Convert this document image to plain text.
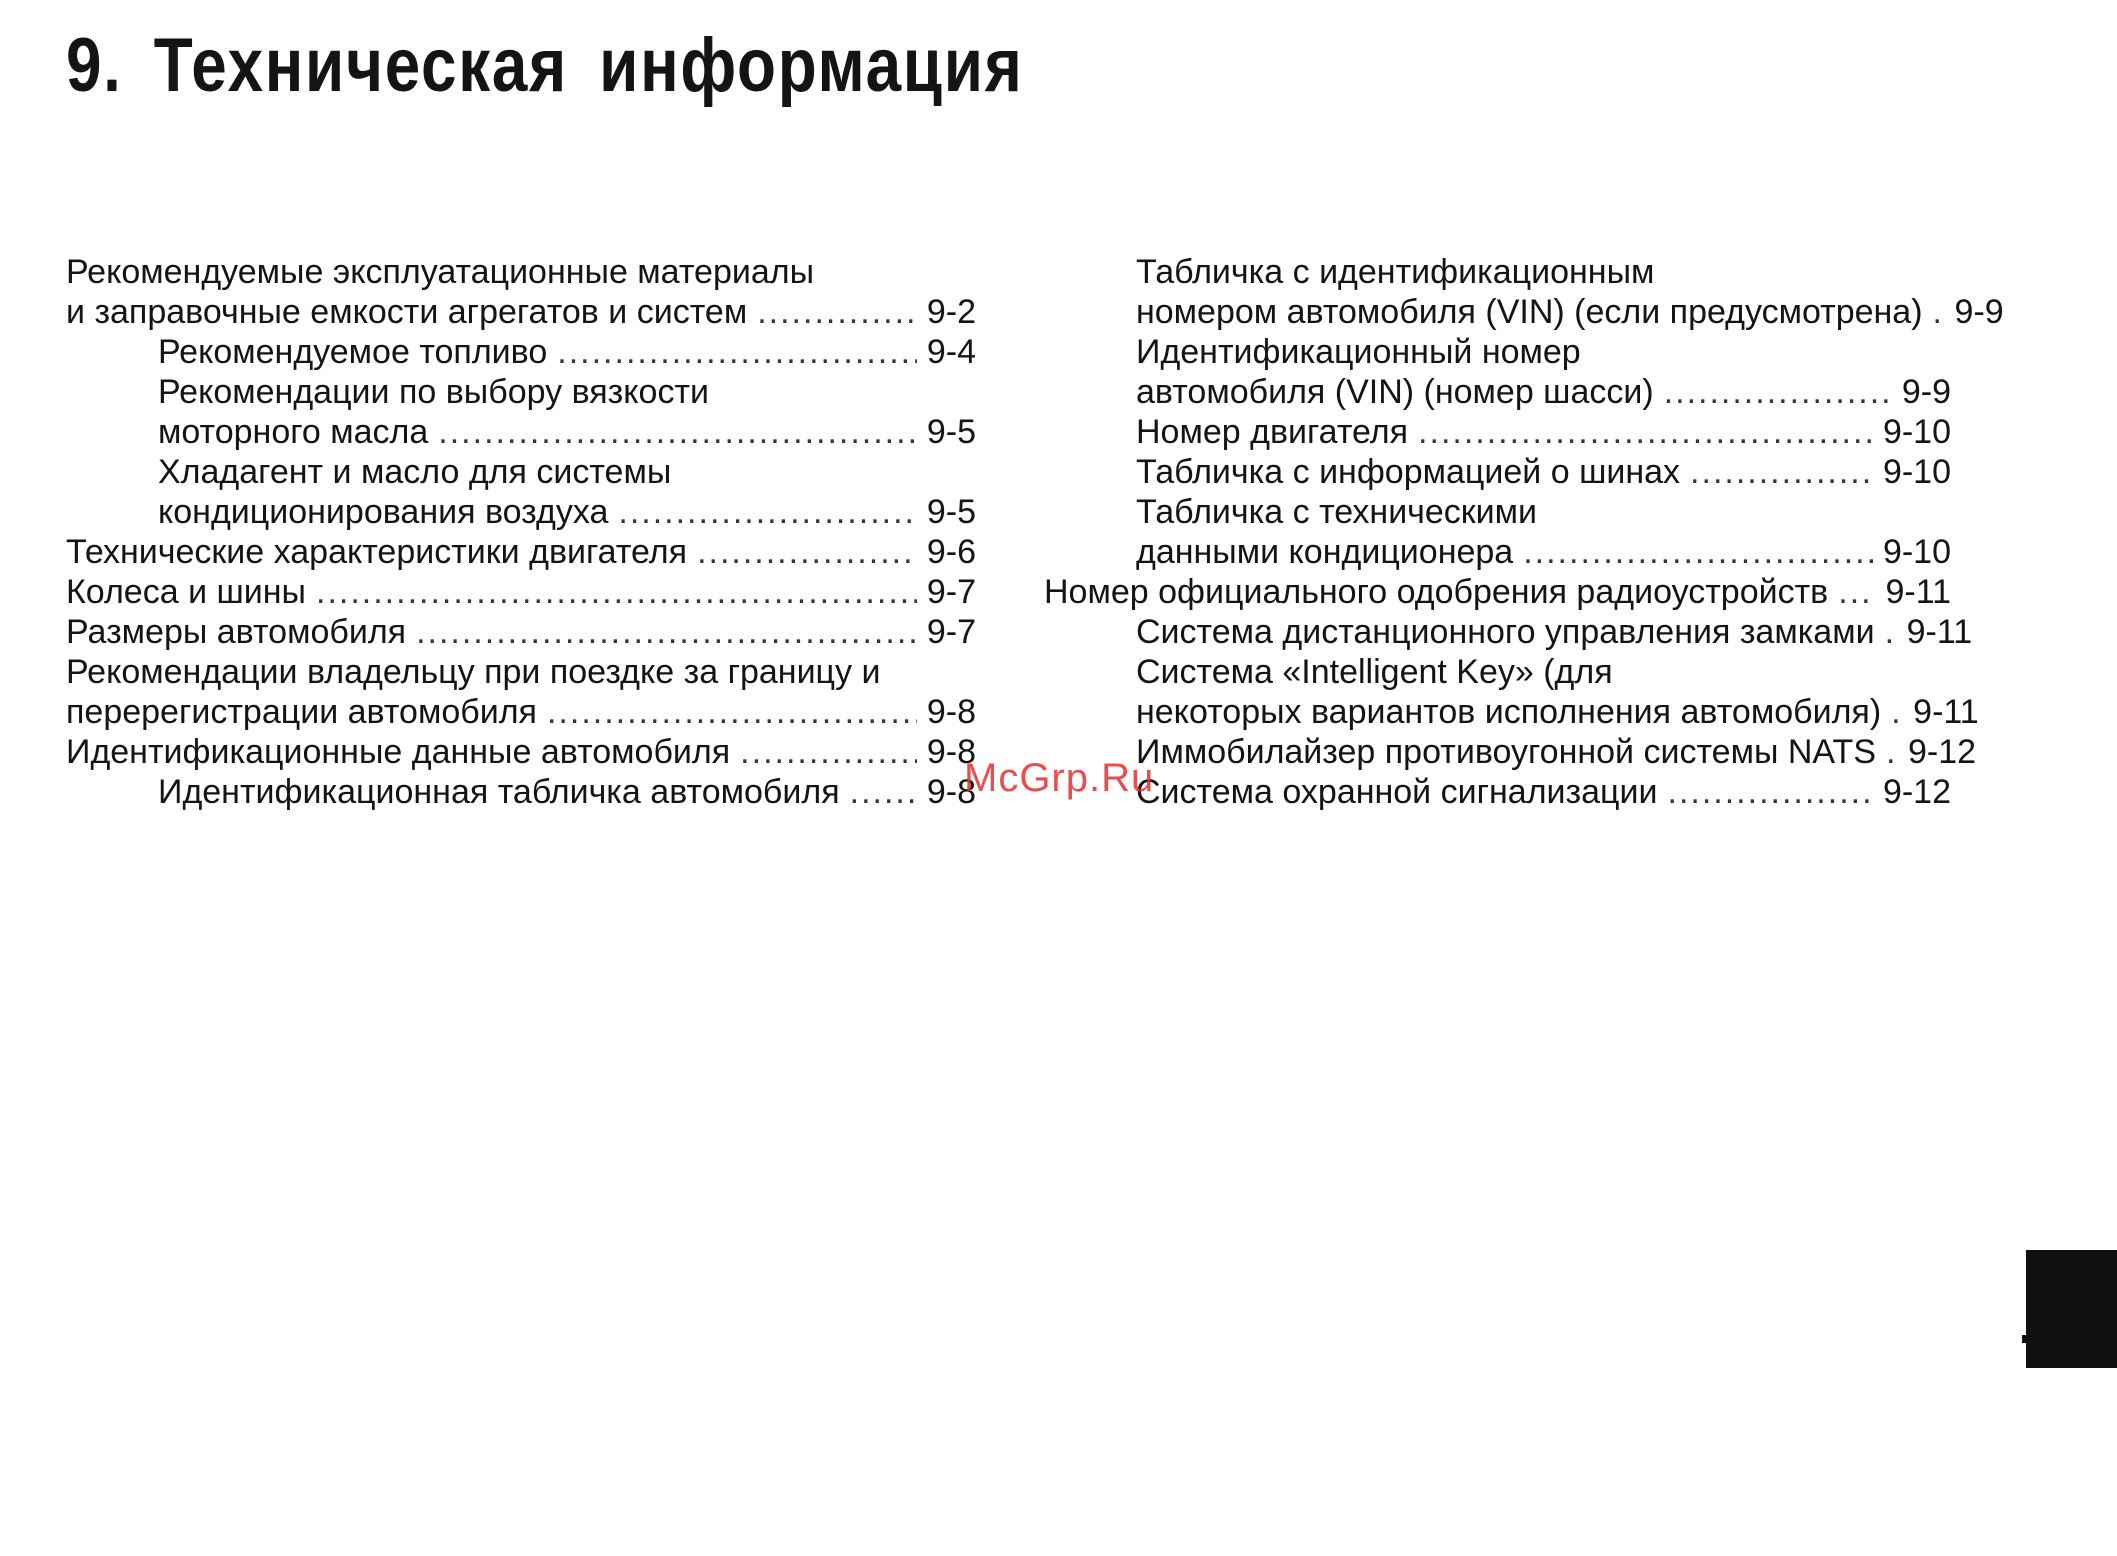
9. Техническая информация
Рекомендуемые эксплуатационные материалы
и заправочные емкости агрегатов и систем .....	9-2
Рекомендуемое топливо .....	9-4
Рекомендации по выбору вязкости
моторного масла .....	9-5
Хладагент и масло для системы
кондиционирования воздуха .....	9-5
Технические характеристики двигателя .....	9-6
Колеса и шины .....	9-7
Размеры автомобиля .....	9-7
Рекомендации владельцу при поездке за границу и
перерегистрации автомобиля .....	9-8
Идентификационные данные автомобиля .....	9-8
Идентификационная табличка автомобиля .....	9-8
Табличка с идентификационным
номером автомобиля (VIN) (если предусмотрена) ..... 9-9
Идентификационный номер
автомобиля (VIN) (номер шасси) .....	9-9
Номер двигателя .....	9-10
Табличка с информацией о шинах .....	9-10
Табличка с техническими
данными кондиционера .....	9-10
Номер официального одобрения радиоустройств ..... 9-11
Система дистанционного управления замками ..... 9-11
Система «Intelligent Key» (для
некоторых вариантов исполнения автомобиля) ..... 9-11
Иммобилайзер противоугонной системы NATS ..... 9-12
Система охранной сигнализации .....	9-12
McGrp.Ru
